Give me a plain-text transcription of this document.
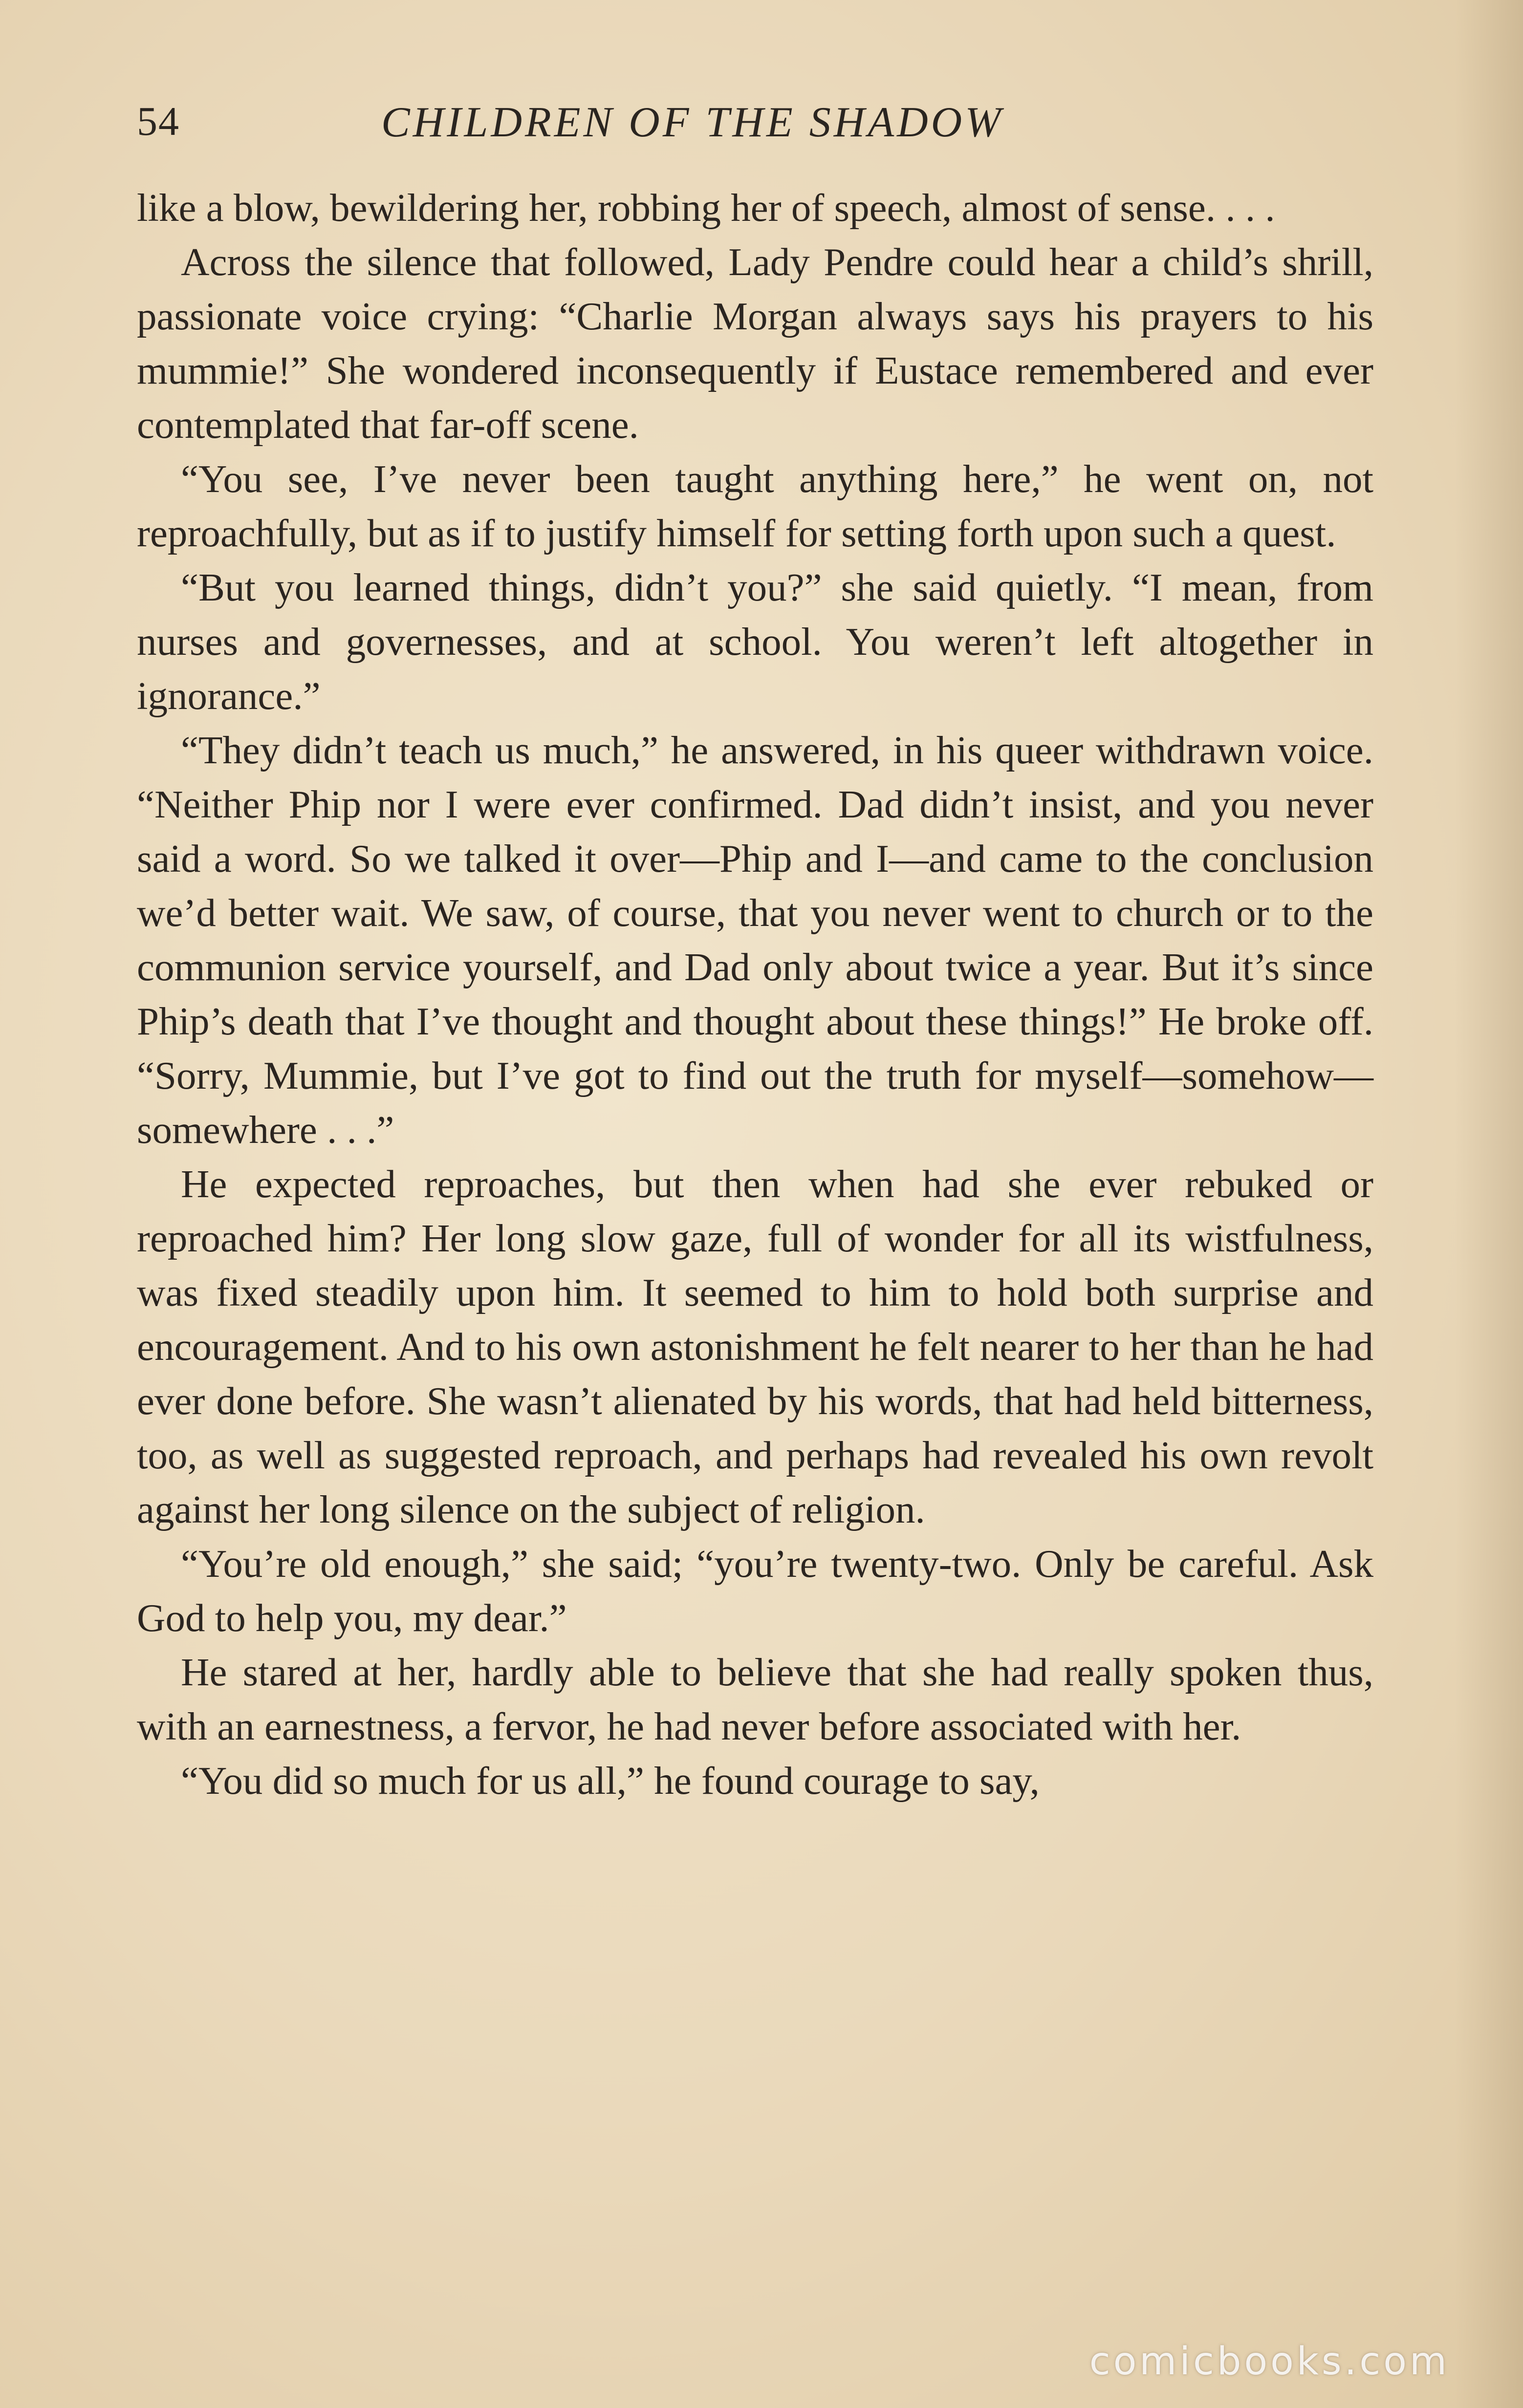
54	CHILDREN OF THE SHADOW

like a blow, bewildering her, robbing her of speech, almost of sense. . . .

Across the silence that followed, Lady Pendre could hear a child’s shrill, passionate voice crying: “Charlie Morgan always says his prayers to his mummie!” She wondered inconsequently if Eustace remembered and ever contemplated that far-off scene.

“You see, I’ve never been taught anything here,” he went on, not reproachfully, but as if to justify himself for setting forth upon such a quest.

“But you learned things, didn’t you?” she said quietly. “I mean, from nurses and governesses, and at school. You weren’t left altogether in ignorance.”

“They didn’t teach us much,” he answered, in his queer withdrawn voice. “Neither Phip nor I were ever confirmed. Dad didn’t insist, and you never said a word. So we talked it over—Phip and I—and came to the conclusion we’d better wait. We saw, of course, that you never went to church or to the communion service yourself, and Dad only about twice a year. But it’s since Phip’s death that I’ve thought and thought about these things!” He broke off. “Sorry, Mummie, but I’ve got to find out the truth for myself—somehow—somewhere . . .”

He expected reproaches, but then when had she ever rebuked or reproached him? Her long slow gaze, full of wonder for all its wistfulness, was fixed steadily upon him. It seemed to him to hold both surprise and encouragement. And to his own astonishment he felt nearer to her than he had ever done before. She wasn’t alienated by his words, that had held bitterness, too, as well as suggested reproach, and perhaps had revealed his own revolt against her long silence on the subject of religion.

“You’re old enough,” she said; “you’re twenty-two. Only be careful. Ask God to help you, my dear.”

He stared at her, hardly able to believe that she had really spoken thus, with an earnestness, a fervor, he had never before associated with her.

“You did so much for us all,” he found courage to say,

comicbooks.com
